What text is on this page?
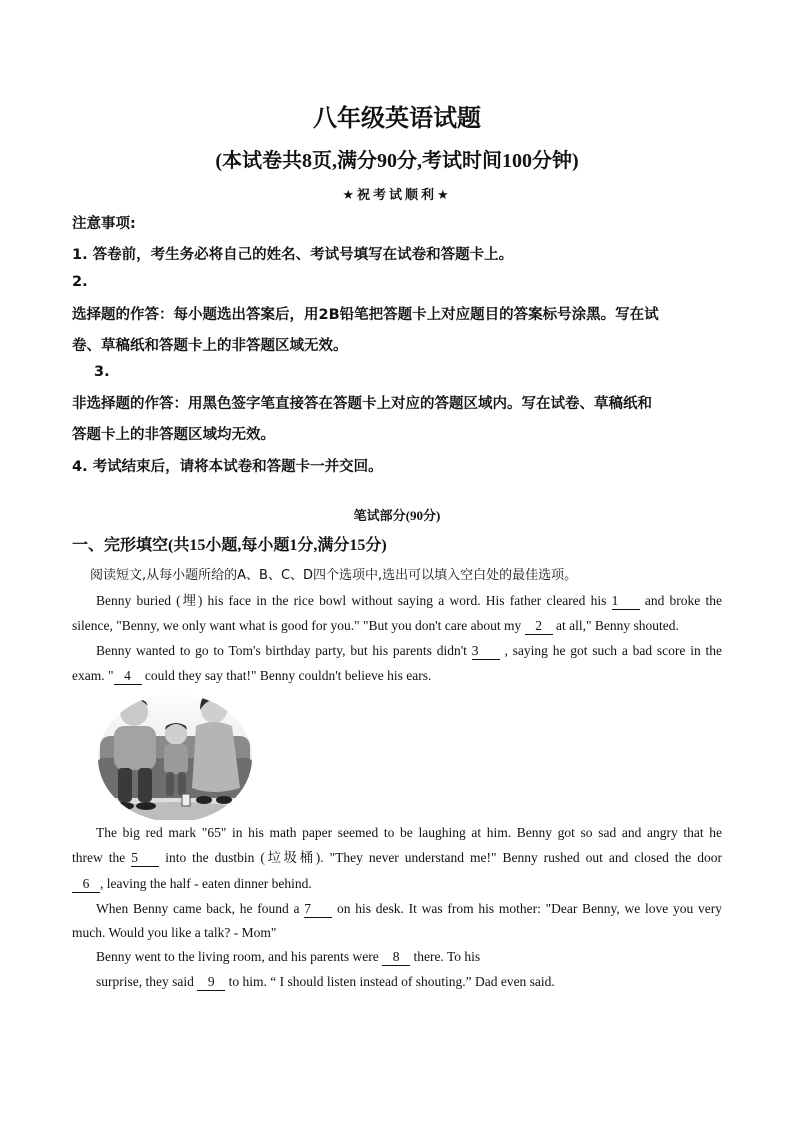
八年级英语试题
(本试卷共8页,满分90分,考试时间100分钟)
★祝考试顺利★
注意事项:
1. 答卷前，考生务必将自己的姓名、考试号填写在试卷和答题卡上。
2.
选择题的作答：每小题选出答案后，用2B铅笔把答题卡上对应题目的答案标号涂黑。写在试
卷、草稿纸和答题卡上的非答题区域无效。
3.
非选择题的作答：用黑色签字笔直接答在答题卡上对应的答题区域内。写在试卷、草稿纸和
答题卡上的非答题区域均无效。
4. 考试结束后，请将本试卷和答题卡一并交回。
笔试部分(90分)
一、完形填空(共15小题,每小题1分,满分15分)
阅读短文,从每小题所给的A、B、C、D四个选项中,选出可以填入空白处的最佳选项。
Benny buried (埋) his face in the rice bowl without saying a word. His father cleared his 1 and broke the
silence, "Benny, we only want what is good for you." "But you don't care about my 2 at all," Benny shouted.
Benny wanted to go to Tom's birthday party, but his parents didn't 3 , saying he got such a bad score in the
exam. " 4 could they say that!" Benny couldn't believe his ears.
The big red mark "65" in his math paper seemed to be laughing at him. Benny got so sad and angry that he
threw the 5 into the dustbin (垃圾桶). "They never understand me!" Benny rushed out and closed the door
6 , leaving the half - eaten dinner behind.
When Benny came back, he found a 7 on his desk. It was from his mother: "Dear Benny, we love you very
much. Would you like a talk? - Mom"
Benny went to the living room, and his parents were 8 there. To his
surprise, they said 9 to him. “ I should listen instead of shouting.” Dad even said.
